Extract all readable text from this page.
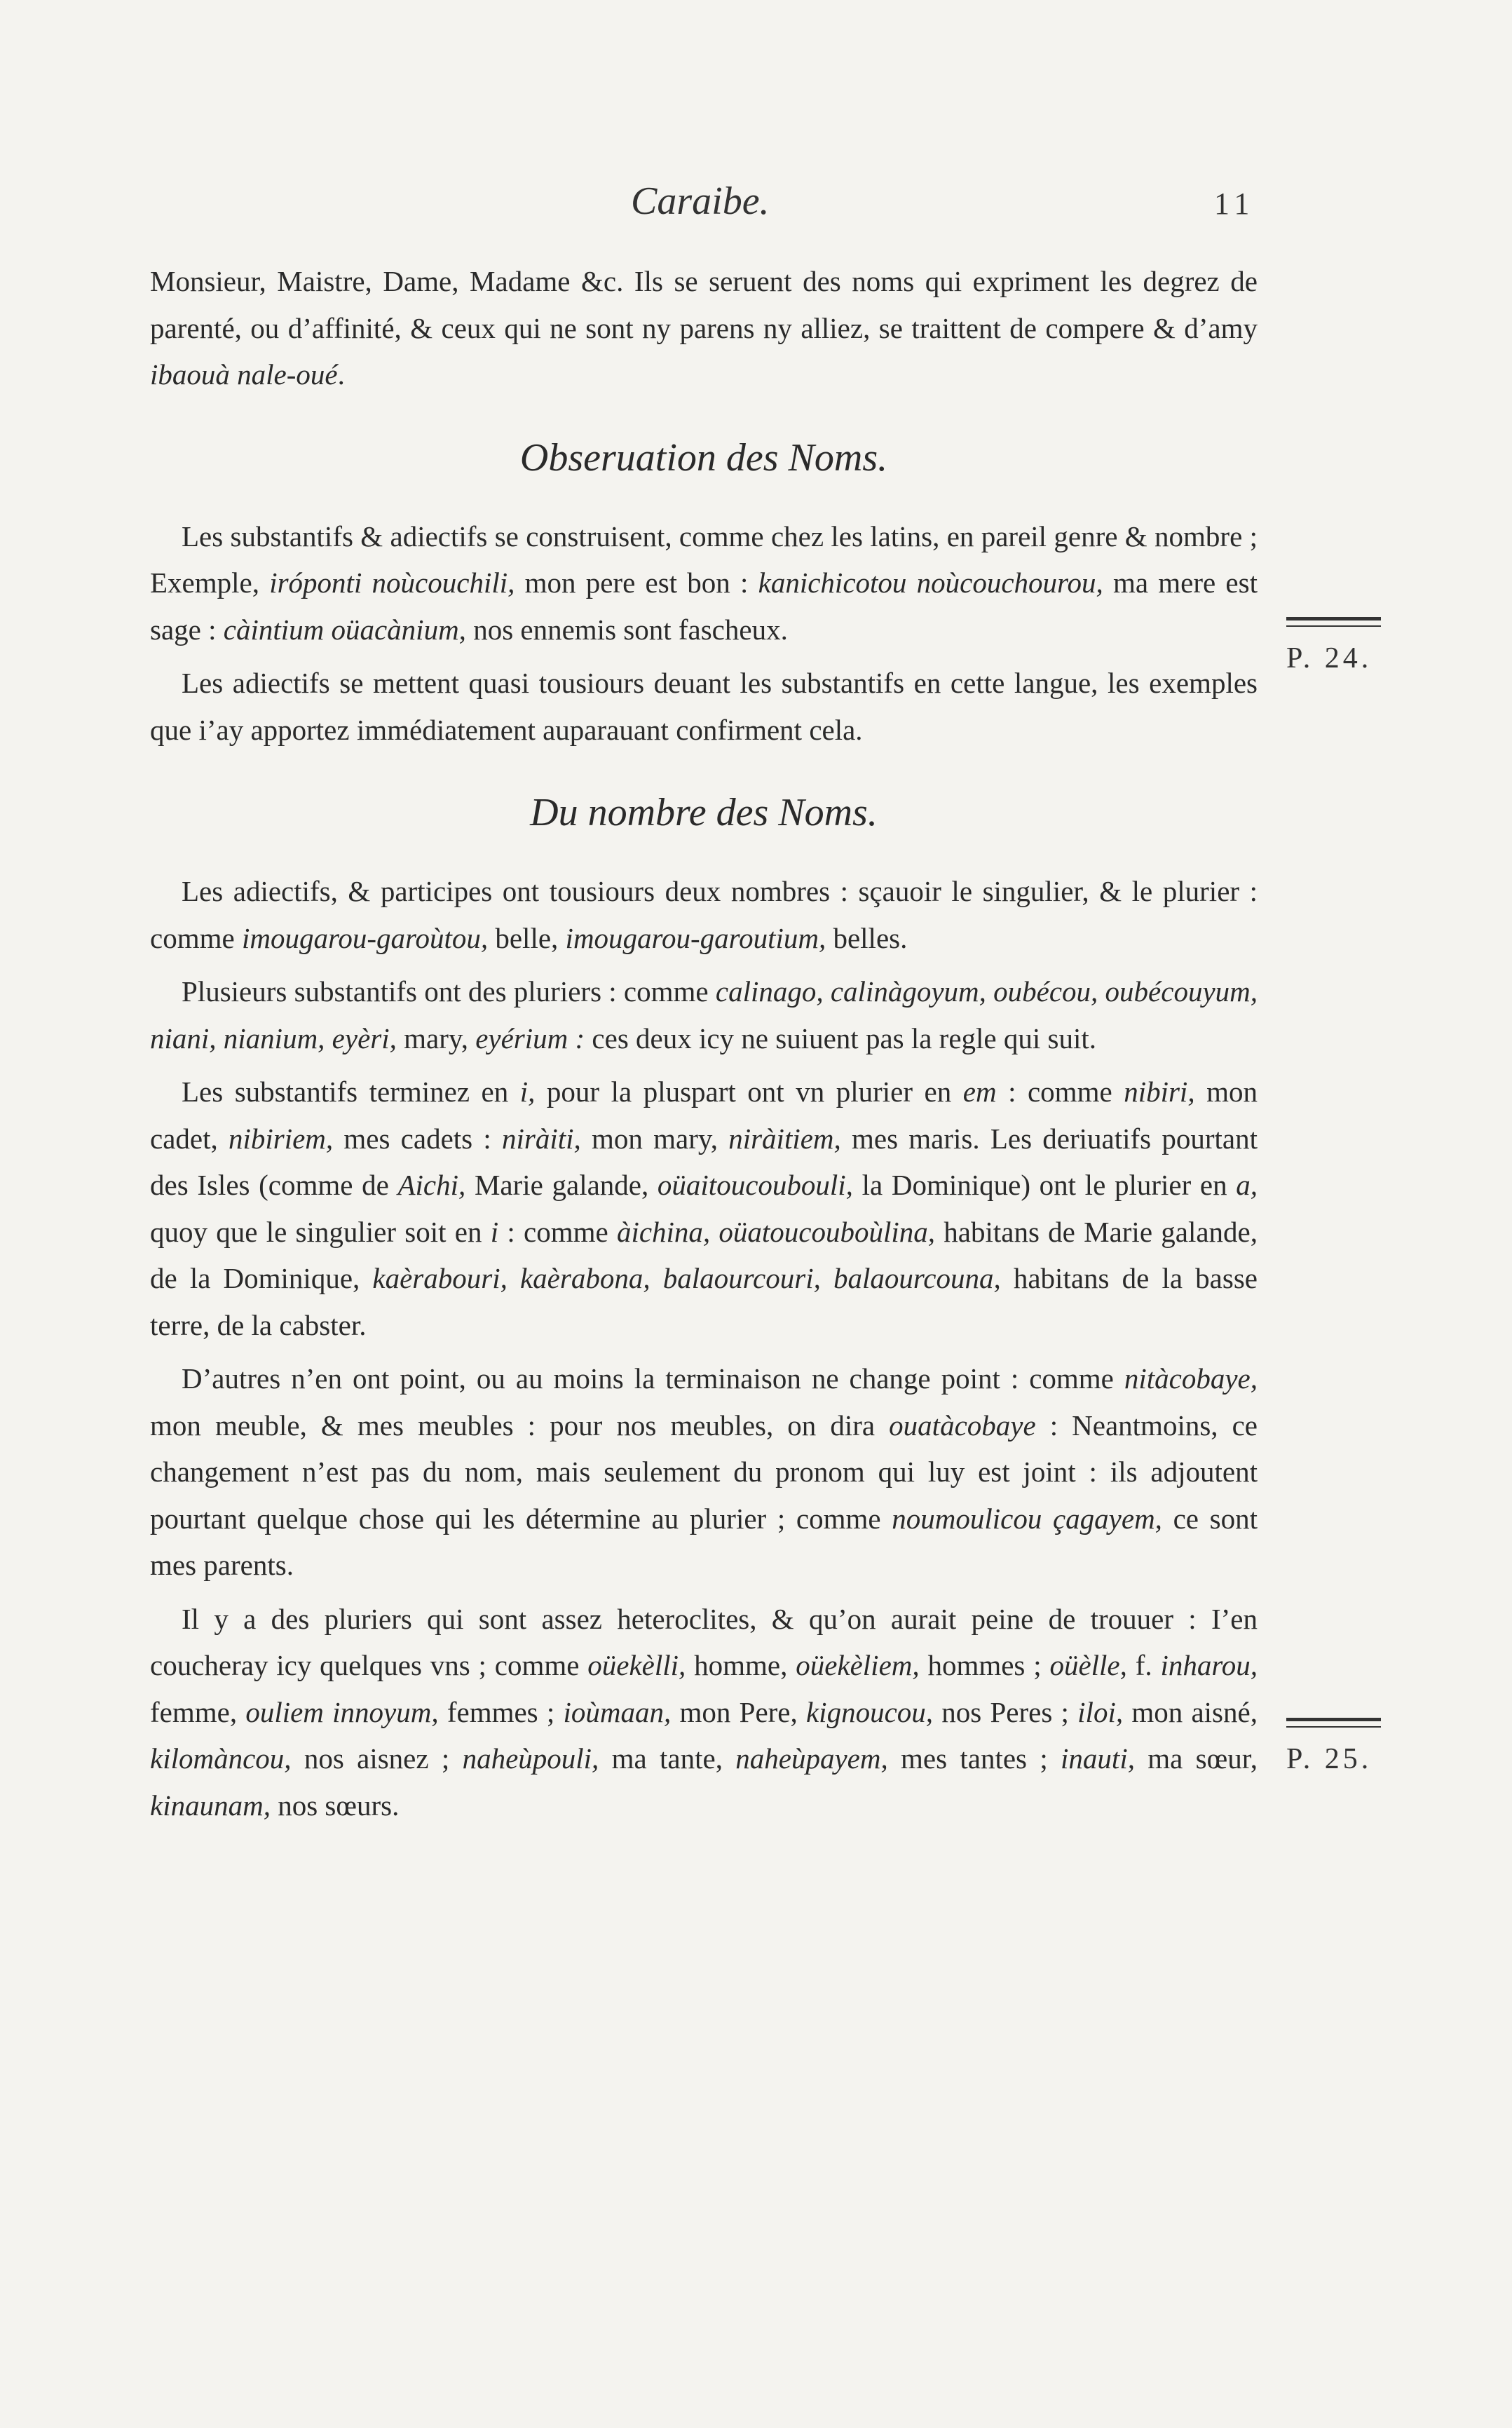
Caraibe.	11

Monsieur, Maistre, Dame, Madame &c. Ils se seruent des noms qui expriment les degrez de parenté, ou d’affinité, & ceux qui ne sont ny parens ny alliez, se traittent de compere & d’amy ibaouà nale-oué.

Obseruation des Noms.

Les substantifs & adiectifs se construisent, comme chez les latins, en pareil genre & nombre ; Exemple, iróponti noùcouchili, mon pere est bon : kanichicotou noùcouchourou, ma mere est sage : càintium oüacànium, nos ennemis sont fascheux.

Les adiectifs se mettent quasi tousiours deuant les substantifs en cette langue, les exemples que i’ay apportez immédiatement auparauant confirment cela.

Du nombre des Noms.

Les adiectifs, & participes ont tousiours deux nombres : sçauoir le singulier, & le plurier : comme imougarou-garoùtou, belle, imougarou-garoutium, belles.

Plusieurs substantifs ont des pluriers : comme calinago, calinàgoyum, oubécou, oubécouyum, niani, nianium, eyèri, mary, eyérium : ces deux icy ne suiuent pas la regle qui suit.

Les substantifs terminez en i, pour la pluspart ont vn plurier en em : comme nibiri, mon cadet, nibiriem, mes cadets : niràiti, mon mary, niràitiem, mes maris. Les deriuatifs pourtant des Isles (comme de Aichi, Marie galande, oüaitoucoubouli, la Dominique) ont le plurier en a, quoy que le singulier soit en i : comme àichina, oüatoucouboùlina, habitans de Marie galande, de la Dominique, kaèrabouri, kaèrabona, balaourcouri, balaourcouna, habitans de la basse terre, de la cabster.

D’autres n’en ont point, ou au moins la terminaison ne change point : comme nitàcobaye, mon meuble, & mes meubles : pour nos meubles, on dira ouatàcobaye : Neantmoins, ce changement n’est pas du nom, mais seulement du pronom qui luy est joint : ils adjoutent pourtant quelque chose qui les détermine au plurier ; comme noumoulicou çagayem, ce sont mes parents.

Il y a des pluriers qui sont assez heteroclites, & qu’on aurait peine de trouuer : I’en coucheray icy quelques vns ; comme oüekèlli, homme, oüekèliem, hommes ; oüèlle, f. inharou, femme, ouliem innoyum, femmes ; ioùmaan, mon Pere, kignoucou, nos Peres ; iloi, mon aisné, kilomàncou, nos aisnez ; naheùpouli, ma tante, naheùpayem, mes tantes ; inauti, ma sœur, kinaunam, nos sœurs.

P. 24.
P. 25.
